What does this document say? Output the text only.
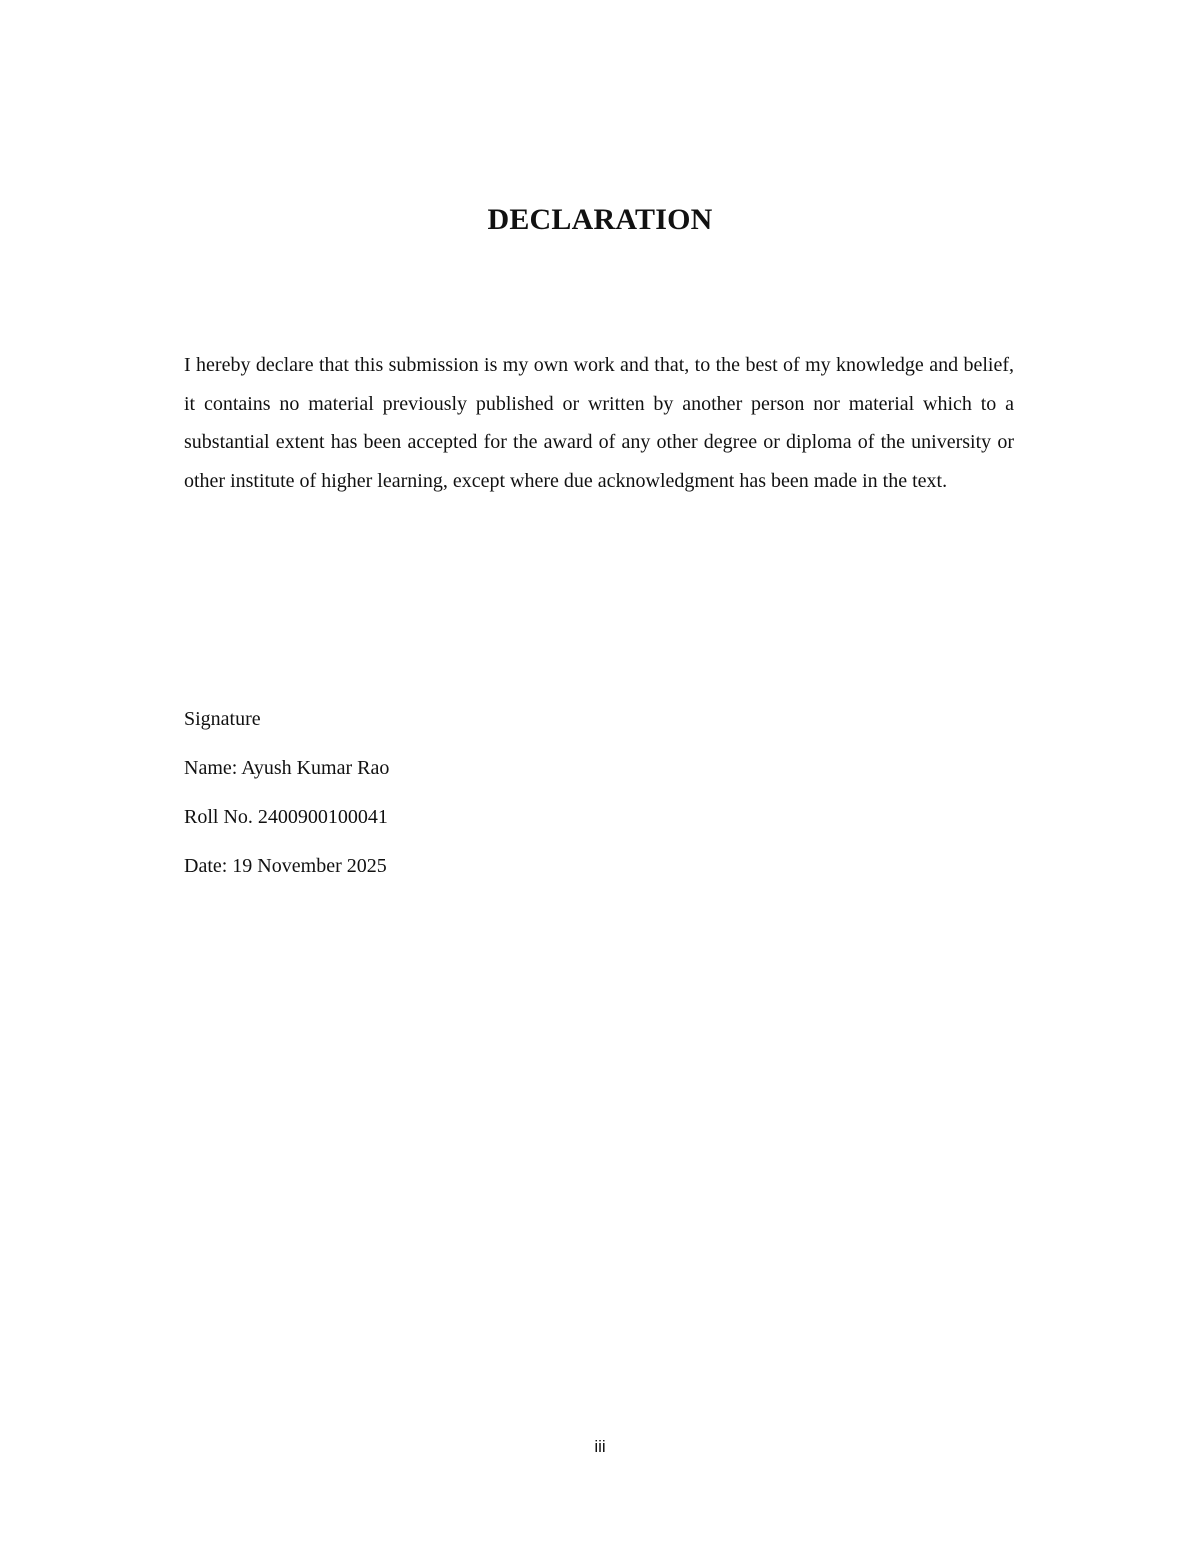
DECLARATION

I hereby declare that this submission is my own work and that, to the best of my knowledge and belief, it contains no material previously published or written by another person nor material which to a substantial extent has been accepted for the award of any other degree or diploma of the university or other institute of higher learning, except where due acknowledgment has been made in the text.

Signature
Name: Ayush Kumar Rao
Roll No. 2400900100041
Date: 19 November 2025
iii
